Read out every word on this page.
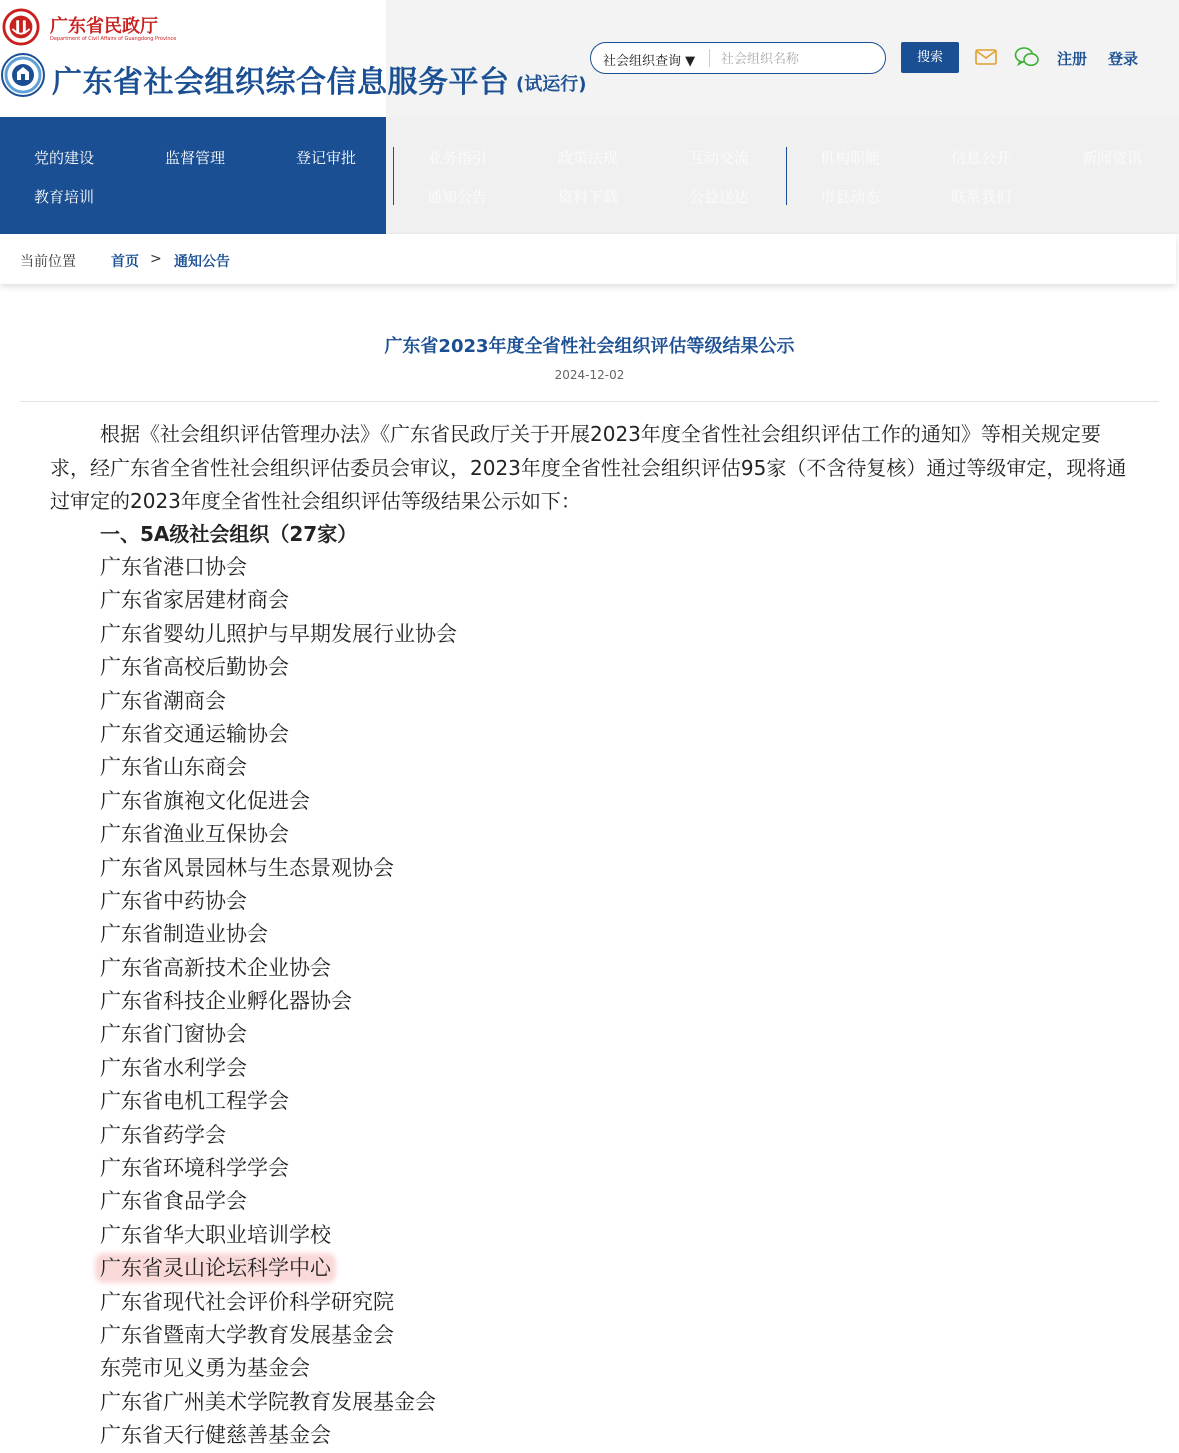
广东省民政厅
Department of Civil Affairs of Guangdong Province
广东省社会组织综合信息服务平台 (试运行)
社会组织查询 ▼
社会组织名称	搜索	注册 登录
党的建设	监督管理	登记审批
教育培训
业务指引	政策法规	互动交流	机构职能	信息公开	新闻资讯
通知公告	资料下载	公益送达	市县动态	联系我们
当前位置	首页 > 通知公告
广东省2023年度全省性社会组织评估等级结果公示
2024-12-02
根据《社会组织评估管理办法》《广东省民政厅关于开展2023年度全省性社会组织评估工作的通知》等相关规定要求，经广东省全省性社会组织评估委员会审议，2023年度全省性社会组织评估95家（不含待复核）通过等级审定，现将通过审定的2023年度全省性社会组织评估等级结果公示如下：
一、5A级社会组织（27家）
广东省港口协会
广东省家居建材商会
广东省婴幼儿照护与早期发展行业协会
广东省高校后勤协会
广东省潮商会
广东省交通运输协会
广东省山东商会
广东省旗袍文化促进会
广东省渔业互保协会
广东省风景园林与生态景观协会
广东省中药协会
广东省制造业协会
广东省高新技术企业协会
广东省科技企业孵化器协会
广东省门窗协会
广东省水利学会
广东省电机工程学会
广东省药学会
广东省环境科学学会
广东省食品学会
广东省华大职业培训学校
广东省灵山论坛科学中心
广东省现代社会评价科学研究院
广东省暨南大学教育发展基金会
东莞市见义勇为基金会
广东省广州美术学院教育发展基金会
广东省天行健慈善基金会
